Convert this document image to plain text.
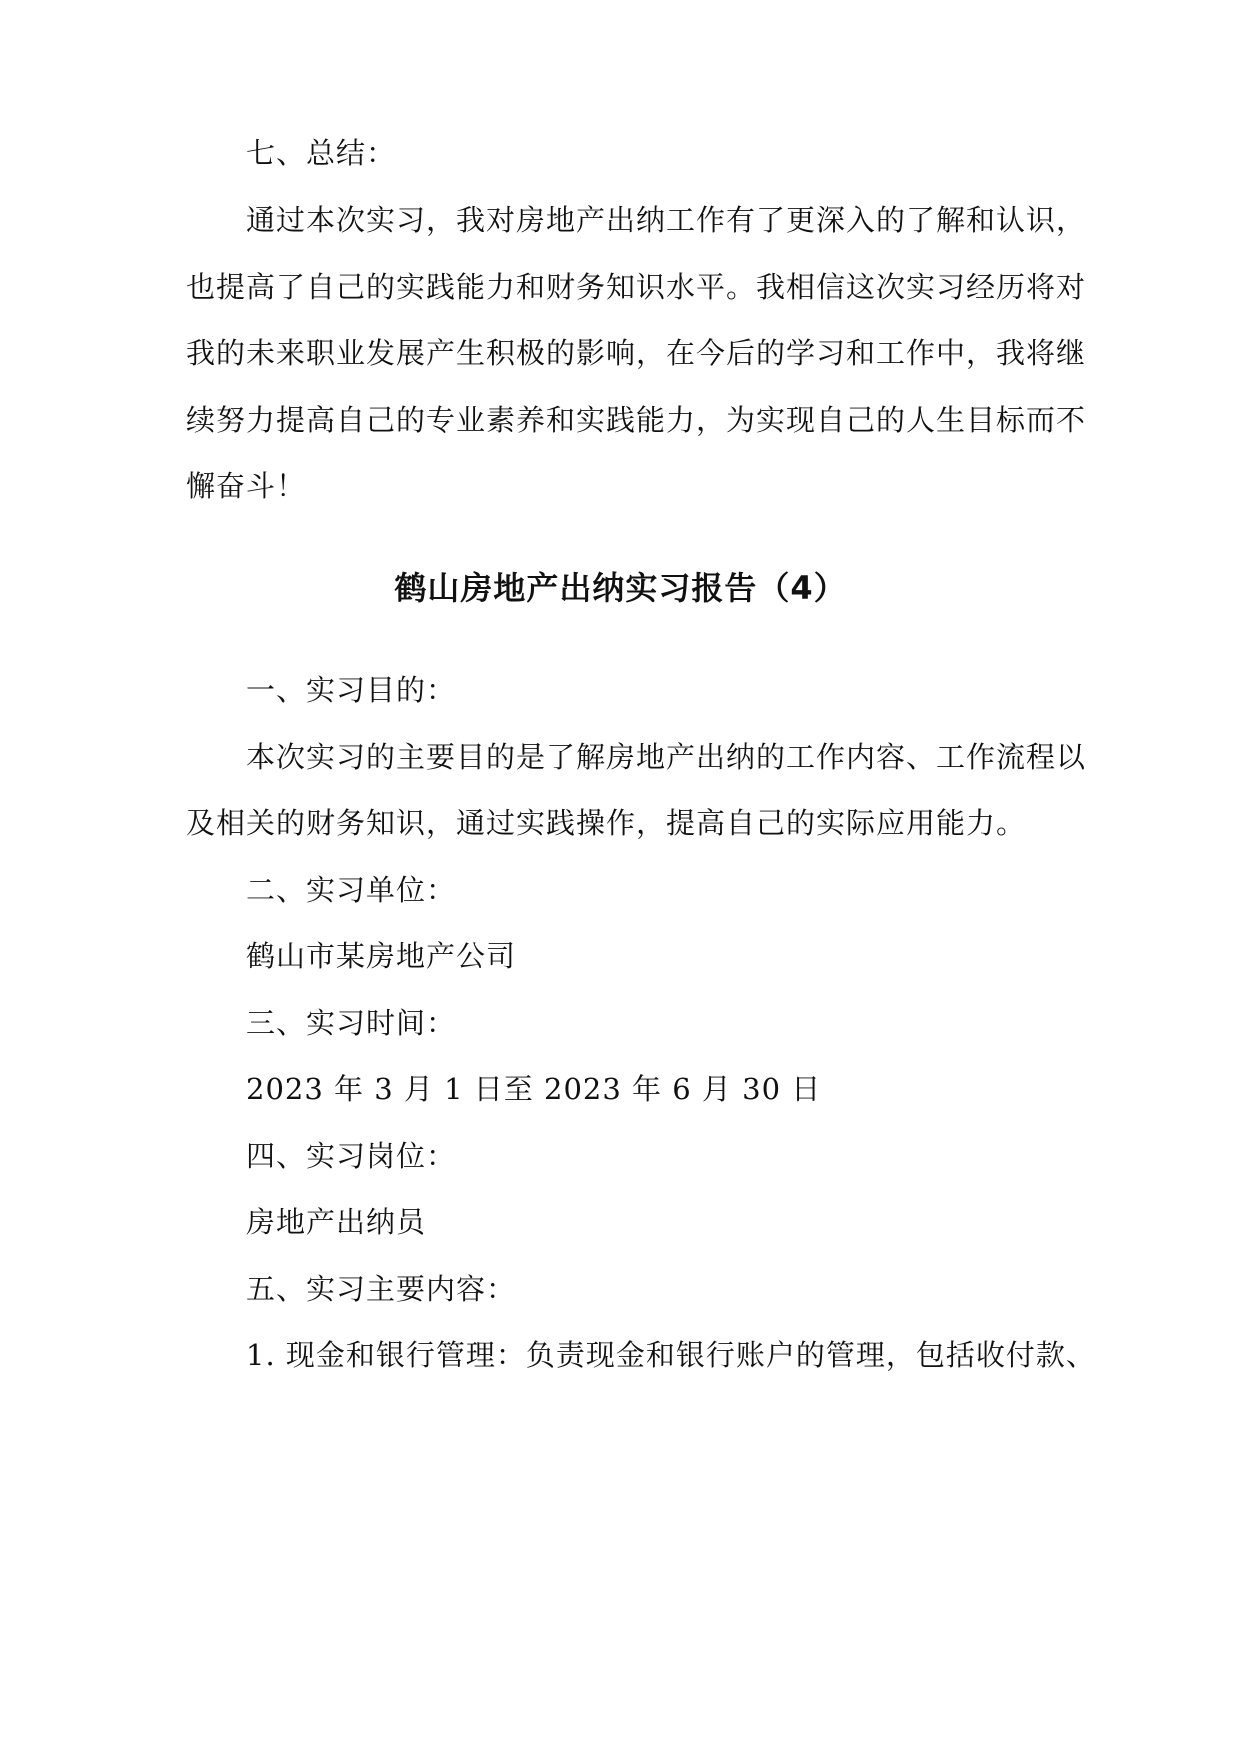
七、总结：
通过本次实习，我对房地产出纳工作有了更深入的了解和认识，
也提高了自己的实践能力和财务知识水平。我相信这次实习经历将对
我的未来职业发展产生积极的影响，在今后的学习和工作中，我将继
续努力提高自己的专业素养和实践能力，为实现自己的人生目标而不
懈奋斗！
鹤山房地产出纳实习报告（4）
一、实习目的：
本次实习的主要目的是了解房地产出纳的工作内容、工作流程以
及相关的财务知识，通过实践操作，提高自己的实际应用能力。
二、实习单位：
鹤山市某房地产公司
三、实习时间：
2023 年 3 月 1 日至 2023 年 6 月 30 日
四、实习岗位：
房地产出纳员
五、实习主要内容：
1. 现金和银行管理：负责现金和银行账户的管理，包括收付款、
